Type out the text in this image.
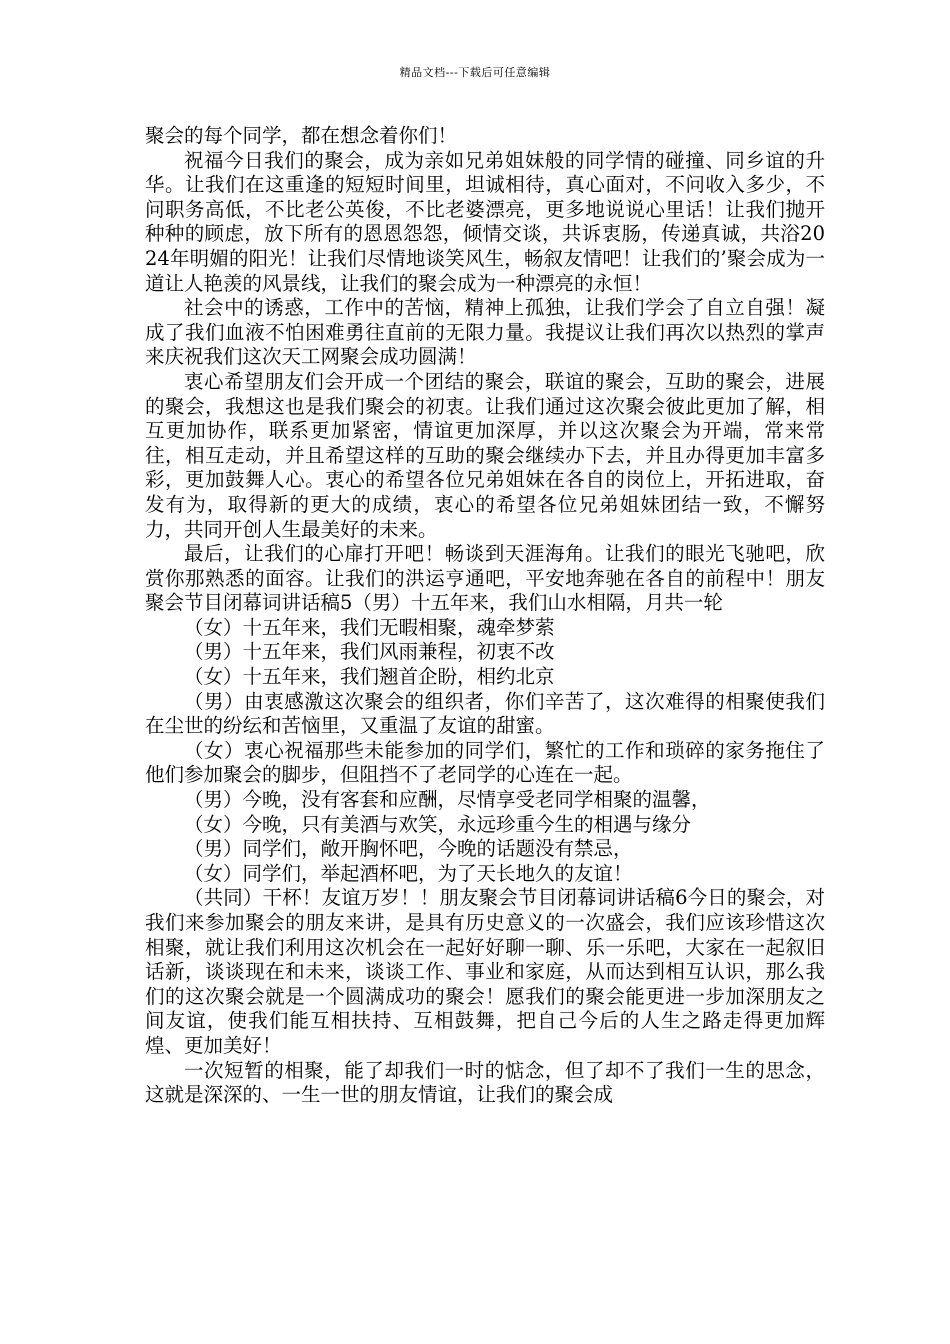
精品文档---下载后可任意编辑

聚会的每个同学，都在想念着你们！

祝福今日我们的聚会，成为亲如兄弟姐妹般的同学情的碰撞、同乡谊的升华。让我们在这重逢的短短时间里，坦诚相待，真心面对，不问收入多少，不问职务高低，不比老公英俊，不比老婆漂亮，更多地说说心里话！让我们抛开种种的顾虑，放下所有的恩恩怨怨，倾情交谈，共诉衷肠，传递真诚，共浴2024年明媚的阳光！让我们尽情地谈笑风生，畅叙友情吧！让我们的’聚会成为一道让人艳羡的风景线，让我们的聚会成为一种漂亮的永恒！

社会中的诱惑，工作中的苦恼，精神上孤独，让我们学会了自立自强！凝成了我们血液不怕困难勇往直前的无限力量。我提议让我们再次以热烈的掌声来庆祝我们这次天工网聚会成功圆满！

衷心希望朋友们会开成一个团结的聚会，联谊的聚会，互助的聚会，进展的聚会，我想这也是我们聚会的初衷。让我们通过这次聚会彼此更加了解，相互更加协作，联系更加紧密，情谊更加深厚，并以这次聚会为开端，常来常往，相互走动，并且希望这样的互助的聚会继续办下去，并且办得更加丰富多彩，更加鼓舞人心。衷心的希望各位兄弟姐妹在各自的岗位上，开拓进取，奋发有为，取得新的更大的成绩，衷心的希望各位兄弟姐妹团结一致，不懈努力，共同开创人生最美好的未来。

最后，让我们的心扉打开吧！畅谈到天涯海角。让我们的眼光飞驰吧，欣赏你那熟悉的面容。让我们的洪运亨通吧，平安地奔驰在各自的前程中！朋友聚会节目闭幕词讲话稿5（男）十五年来，我们山水相隔，月共一轮

（女）十五年来，我们无暇相聚，魂牵梦萦

（男）十五年来，我们风雨兼程，初衷不改

（女）十五年来，我们翘首企盼，相约北京

（男）由衷感激这次聚会的组织者，你们辛苦了，这次难得的相聚使我们在尘世的纷纭和苦恼里，又重温了友谊的甜蜜。

（女）衷心祝福那些未能参加的同学们，繁忙的工作和琐碎的家务拖住了他们参加聚会的脚步，但阻挡不了老同学的心连在一起。

（男）今晚，没有客套和应酬，尽情享受老同学相聚的温馨，

（女）今晚，只有美酒与欢笑，永远珍重今生的相遇与缘分

（男）同学们，敞开胸怀吧，今晚的话题没有禁忌，

（女）同学们，举起酒杯吧，为了天长地久的友谊！

（共同）干杯！友谊万岁！！朋友聚会节目闭幕词讲话稿6今日的聚会，对我们来参加聚会的朋友来讲，是具有历史意义的一次盛会，我们应该珍惜这次相聚，就让我们利用这次机会在一起好好聊一聊、乐一乐吧，大家在一起叙旧话新，谈谈现在和未来，谈谈工作、事业和家庭，从而达到相互认识，那么我们的这次聚会就是一个圆满成功的聚会！愿我们的聚会能更进一步加深朋友之间友谊，使我们能互相扶持、互相鼓舞，把自己今后的人生之路走得更加辉煌、更加美好！

一次短暂的相聚，能了却我们一时的惦念，但了却不了我们一生的思念，这就是深深的、一生一世的朋友情谊，让我们的聚会成
